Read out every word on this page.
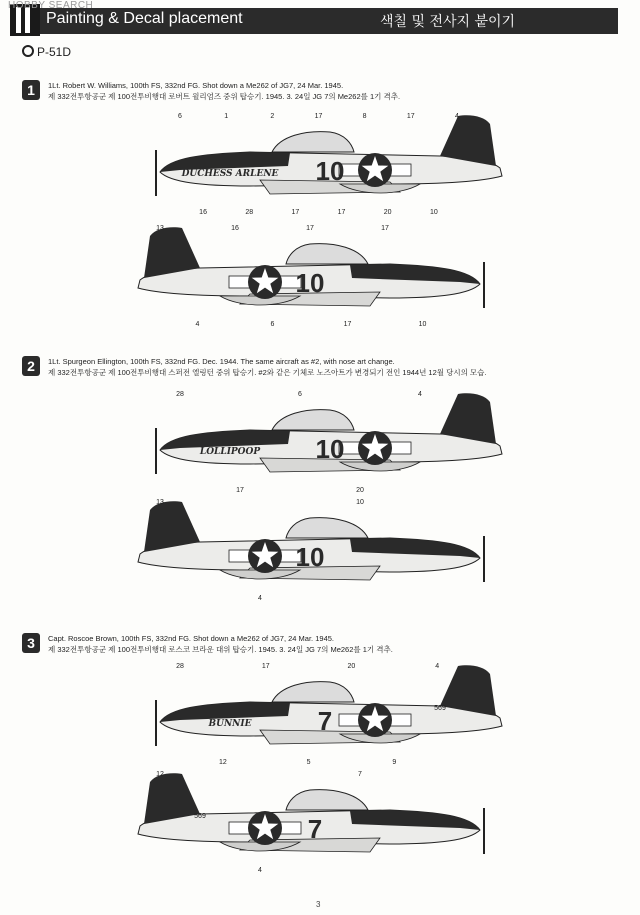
Painting & Decal placement	색칠 및 전사지 붙이기
HOBBY SEARCH
P-51D
1	1Lt. Robert W. Williams, 100th FS, 332nd FG. Shot down a Me262 of JG7, 24 Mar. 1945.
제 332전투항공군 제 100전투비행대 로버트 윌리엄즈 중위 탑승기. 1945. 3. 24일 JG 7의 Me262를 1기 격추.
2	1Lt. Spurgeon Ellington, 100th FS, 332nd FG. Dec. 1944. The same aircraft as #2, with nose art change.
제 332전투항공군 제 100전투비행대 스퍼전 엘링턴 중위 탑승기. #2와 같은 기체로 노즈아트가 변경되기 전인 1944년 12월 당시의 모습.
3	Capt. Roscoe Brown, 100th FS, 332nd FG. Shot down a Me262 of JG7, 24 Mar. 1945.
제 332전투항공군 제 100전투비행대 로스코 브라운 대위 탑승기. 1945. 3. 24일 JG 7의 Me262를 1기 격추.
10
DUCHESS ARLENE
6
16
1
28
2
17
17
17
8
20
17
10
4
10
13
4
16
6
17
17
17
10
10
LOLLIPOOP
28
17
6
20
4
10
13
4
10
7
BUNNIE
569
28
12
17
5
20
9
4
7
569
12
4
7
3
